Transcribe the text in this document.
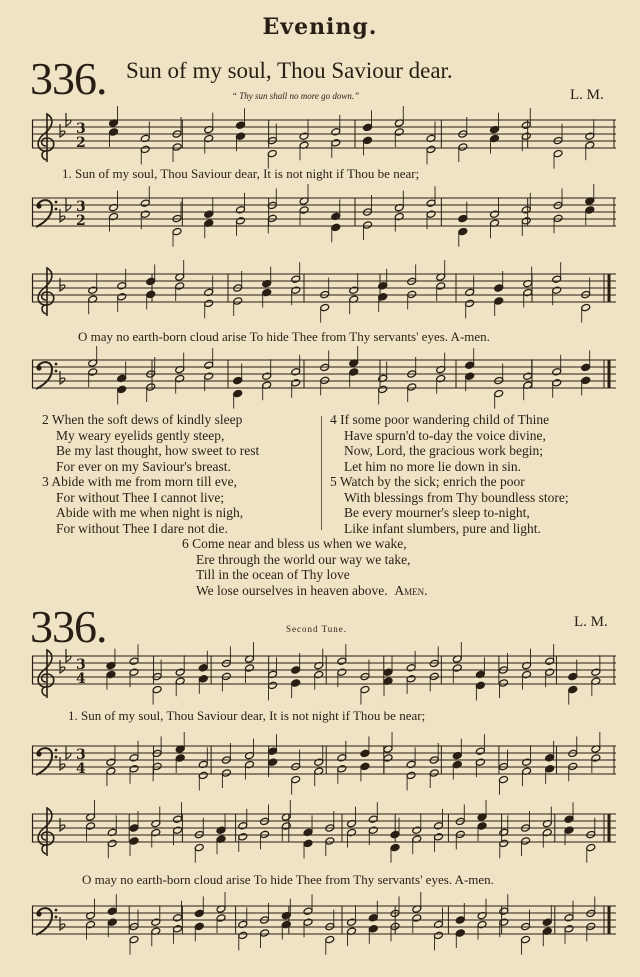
Evening.
336. Sun of my soul, Thou Saviour dear.
“ Thy sun shall no more go down.”	L. M.
3
2
1. Sun of my soul, Thou Saviour dear, It is not night if Thou be near;
3
2
O may no earth-born cloud arise To hide Thee from Thy servants' eyes. A-men.
2 When the soft dews of kindly sleep
My weary eyelids gently steep,
Be my last thought, how sweet to rest
For ever on my Saviour's breast.
3 Abide with me from morn till eve,
For without Thee I cannot live;
Abide with me when night is nigh,
For without Thee I dare not die.
4 If some poor wandering child of Thine
Have spurn'd to-day the voice divine,
Now, Lord, the gracious work begin;
Let him no more lie down in sin.
5 Watch by the sick; enrich the poor
With blessings from Thy boundless store;
Be every mourner's sleep to-night,
Like infant slumbers, pure and light.
6 Come near and bless us when we wake,
Ere through the world our way we take,
Till in the ocean of Thy love
We lose ourselves in heaven above. Amen.
336.	Second Tune.	L. M.
3
4
1. Sun of my soul, Thou Saviour dear, It is not night if Thou be near;
3
4
O may no earth-born cloud arise To hide Thee from Thy servants' eyes. A-men.
